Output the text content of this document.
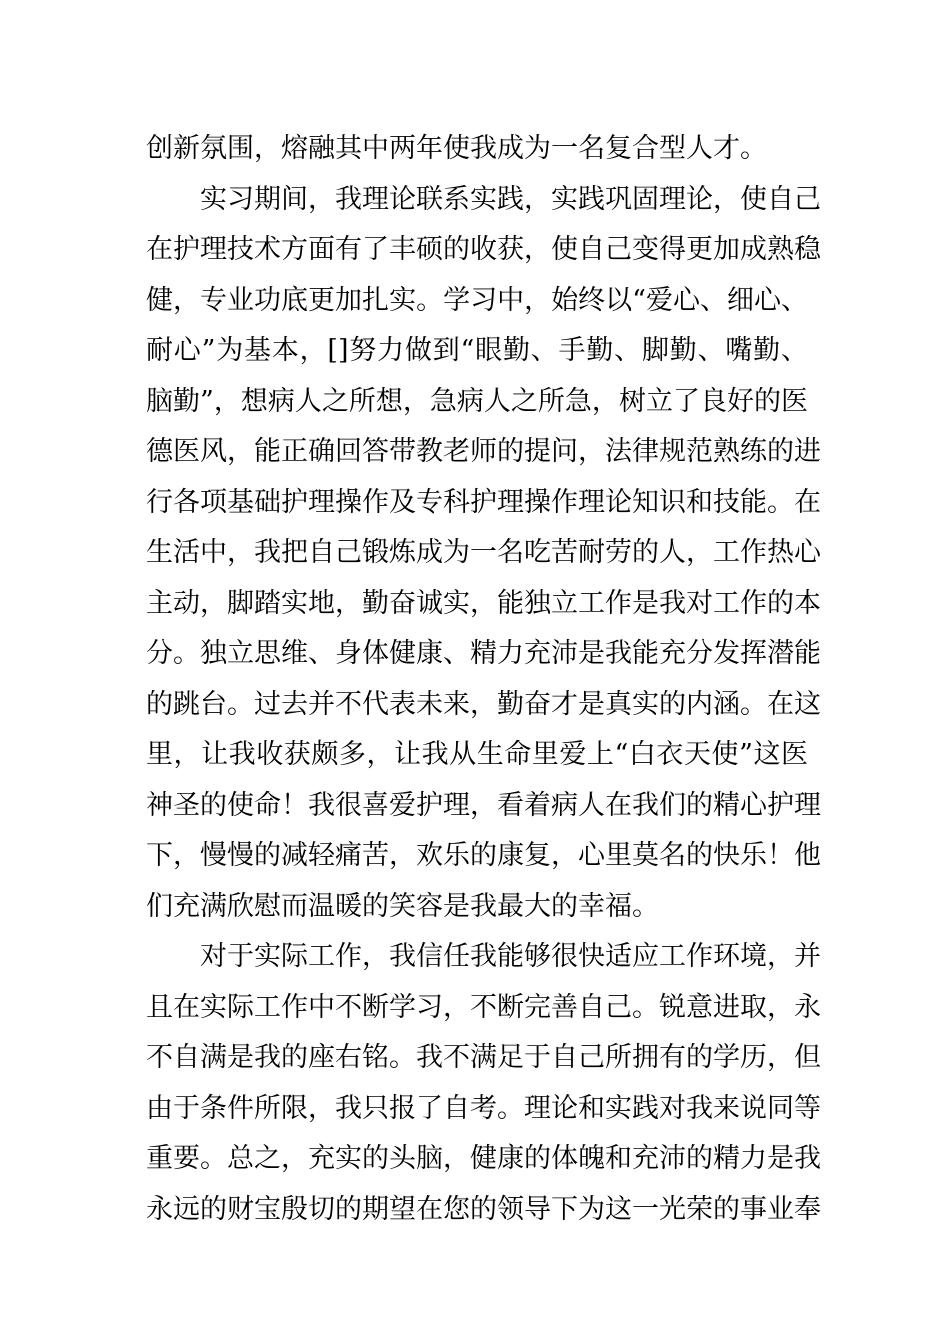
创新氛围，熔融其中两年使我成为一名复合型人才。
实习期间，我理论联系实践，实践巩固理论，使自己
在护理技术方面有了丰硕的收获，使自己变得更加成熟稳
健，专业功底更加扎实。学习中，始终以“爱心、细心、
耐心”为基本，[]努力做到“眼勤、手勤、脚勤、嘴勤、
脑勤”，想病人之所想，急病人之所急，树立了良好的医
德医风，能正确回答带教老师的提问，法律规范熟练的进
行各项基础护理操作及专科护理操作理论知识和技能。在
生活中，我把自己锻炼成为一名吃苦耐劳的人，工作热心
主动，脚踏实地，勤奋诚实，能独立工作是我对工作的本
分。独立思维、身体健康、精力充沛是我能充分发挥潜能
的跳台。过去并不代表未来，勤奋才是真实的内涵。在这
里，让我收获颇多，让我从生命里爱上“白衣天使”这医
神圣的使命！我很喜爱护理，看着病人在我们的精心护理
下，慢慢的减轻痛苦，欢乐的康复，心里莫名的快乐！他
们充满欣慰而温暖的笑容是我最大的幸福。
对于实际工作，我信任我能够很快适应工作环境，并
且在实际工作中不断学习，不断完善自己。锐意进取，永
不自满是我的座右铭。我不满足于自己所拥有的学历，但
由于条件所限，我只报了自考。理论和实践对我来说同等
重要。总之，充实的头脑，健康的体魄和充沛的精力是我
永远的财宝殷切的期望在您的领导下为这一光荣的事业奉
